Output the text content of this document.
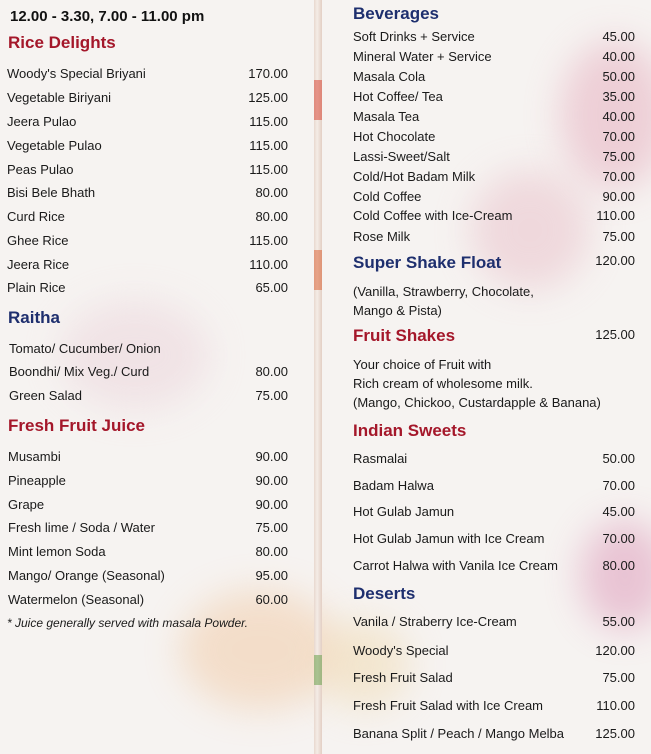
12.00 - 3.30, 7.00 - 11.00 pm
Rice Delights
Woody's Special Briyani	170.00
Vegetable Biriyani	125.00
Jeera Pulao	115.00
Vegetable Pulao	115.00
Peas Pulao	115.00
Bisi Bele Bhath	80.00
Curd Rice	80.00
Ghee Rice	115.00
Jeera Rice	110.00
Plain Rice	65.00
Raitha
Tomato/ Cucumber/ Onion
Boondhi/ Mix Veg./ Curd	80.00
Green Salad	75.00
Fresh Fruit Juice
Musambi	90.00
Pineapple	90.00
Grape	90.00
Fresh lime / Soda / Water	75.00
Mint lemon Soda	80.00
Mango/ Orange (Seasonal)	95.00
Watermelon (Seasonal)	60.00
* Juice generally served with masala Powder.
Beverages
Soft Drinks + Service	45.00
Mineral Water + Service	40.00
Masala Cola	50.00
Hot Coffee/ Tea	35.00
Masala Tea	40.00
Hot Chocolate	70.00
Lassi-Sweet/Salt	75.00
Cold/Hot Badam Milk	70.00
Cold Coffee	90.00
Cold Coffee with Ice-Cream	110.00
Rose Milk	75.00
Super Shake Float	120.00
(Vanilla, Strawberry, Chocolate,
Mango & Pista)
Fruit Shakes	125.00
Your choice of Fruit with
Rich cream of wholesome milk.
(Mango, Chickoo, Custardapple & Banana)
Indian Sweets
Rasmalai	50.00
Badam Halwa	70.00
Hot Gulab Jamun	45.00
Hot Gulab Jamun with Ice Cream	70.00
Carrot Halwa with Vanila Ice Cream	80.00
Deserts
Vanila / Straberry Ice-Cream	55.00
Woody's Special	120.00
Fresh Fruit Salad	75.00
Fresh Fruit Salad with Ice Cream	110.00
Banana Split / Peach / Mango Melba 125.00
